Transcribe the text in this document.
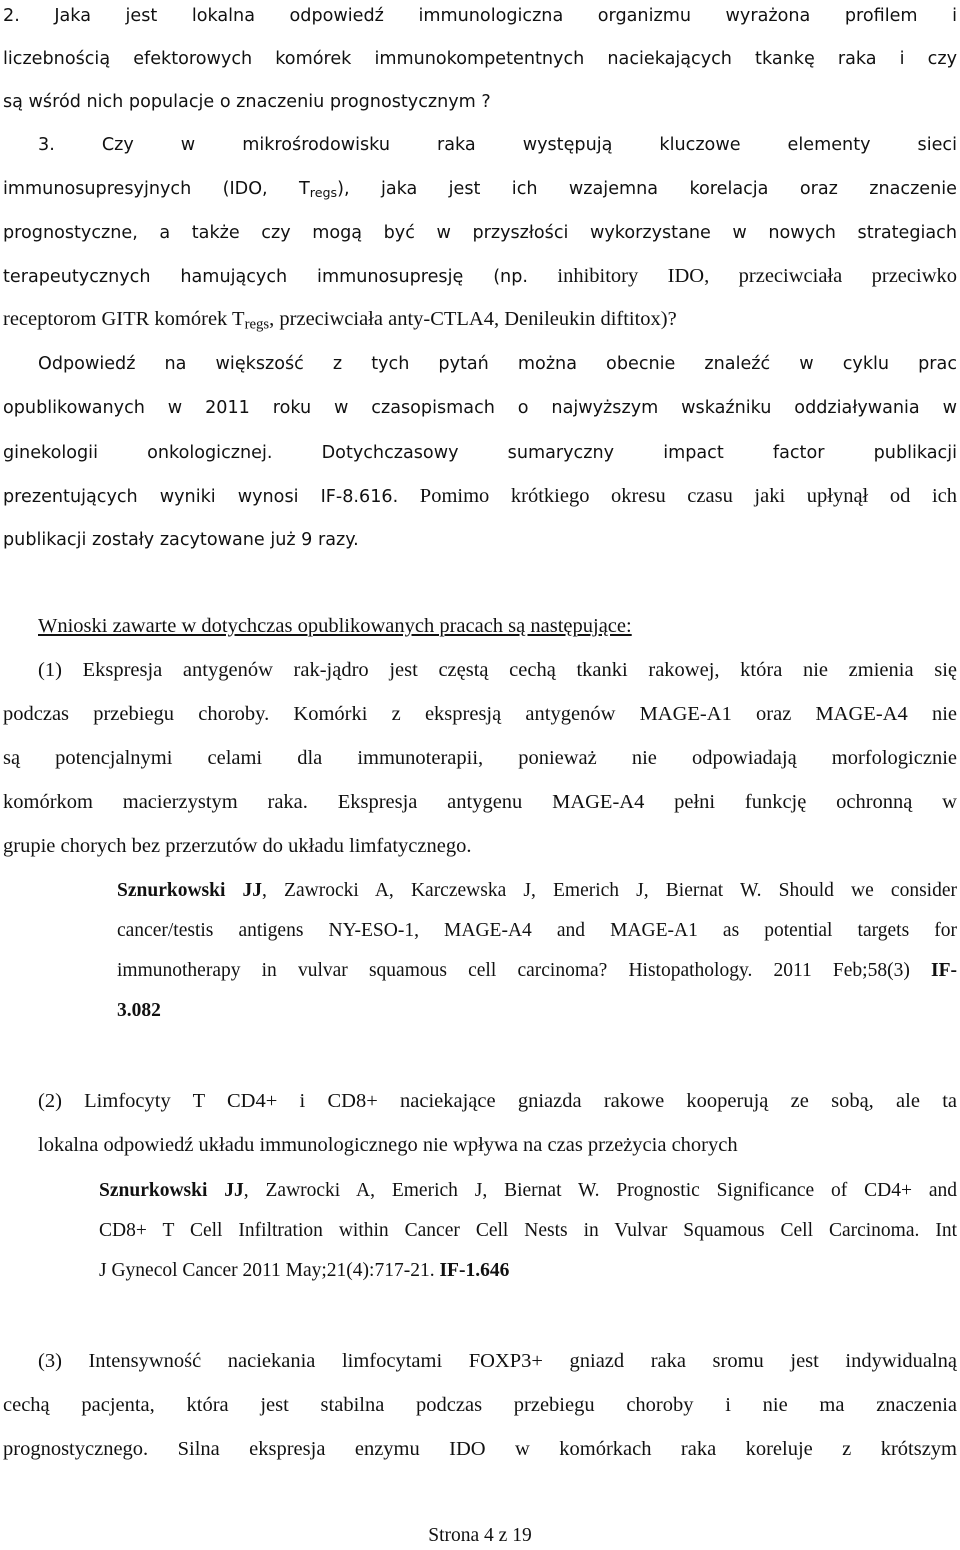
2. Jaka jest lokalna odpowiedź immunologiczna organizmu wyrażona profilem i

liczebnością efektorowych komórek immunokompetentnych naciekających tkankę raka i czy

są wśród nich populacje o znaczeniu prognostycznym ?

3. Czy w mikrośrodowisku raka występują kluczowe elementy sieci

immunosupresyjnych (IDO, $T_{regs}$), jaka jest ich wzajemna korelacja oraz znaczenie

prognostyczne, a także czy mogą być w przyszłości wykorzystane w nowych strategiach

terapeutycznych hamujących immunosupresję (np. inhibitory IDO, przeciwciała przeciwko

receptorom GITR komórek $T_{regs}$, przeciwciała anty-CTLA4, Denileukin diftitox)?

Odpowiedź na większość z tych pytań można obecnie znaleźć w cyklu prac

opublikowanych w 2011 roku w czasopismach o najwyższym wskaźniku oddziaływania w

ginekologii onkologicznej. Dotychczasowy sumaryczny impact factor publikacji

prezentujących wyniki wynosi IF-8.616. Pomimo krótkiego okresu czasu jaki upłynął od ich

publikacji zostały zacytowane już 9 razy.

Wnioski zawarte w dotychczas opublikowanych pracach są następujące:

(1) Ekspresja antygenów rak-jądro jest częstą cechą tkanki rakowej, która nie zmienia się

podczas przebiegu choroby. Komórki z ekspresją antygenów MAGE-A1 oraz MAGE-A4 nie

są potencjalnymi celami dla immunoterapii, ponieważ nie odpowiadają morfologicznie

komórkom macierzystym raka. Ekspresja antygenu MAGE-A4 pełni funkcję ochronną w

grupie chorych bez przerzutów do układu limfatycznego.

Sznurkowski JJ, Zawrocki A, Karczewska J, Emerich J, Biernat W. Should we consider

cancer/testis antigens NY-ESO-1, MAGE-A4 and MAGE-A1 as potential targets for

immunotherapy in vulvar squamous cell carcinoma? Histopathology. 2011 Feb;58(3) IF-

3.082

(2) Limfocyty T CD4+ i CD8+ naciekające gniazda rakowe kooperują ze sobą, ale ta

lokalna odpowiedź układu immunologicznego nie wpływa na czas przeżycia chorych

Sznurkowski JJ, Zawrocki A, Emerich J, Biernat W. Prognostic Significance of CD4+ and

CD8+ T Cell Infiltration within Cancer Cell Nests in Vulvar Squamous Cell Carcinoma. Int

J Gynecol Cancer 2011 May;21(4):717-21. IF-1.646

(3) Intensywność naciekania limfocytami FOXP3+ gniazd raka sromu jest indywidualną

cechą pacjenta, która jest stabilna podczas przebiegu choroby i nie ma znaczenia

prognostycznego. Silna ekspresja enzymu IDO w komórkach raka koreluje z krótszym

Strona 4 z 19
